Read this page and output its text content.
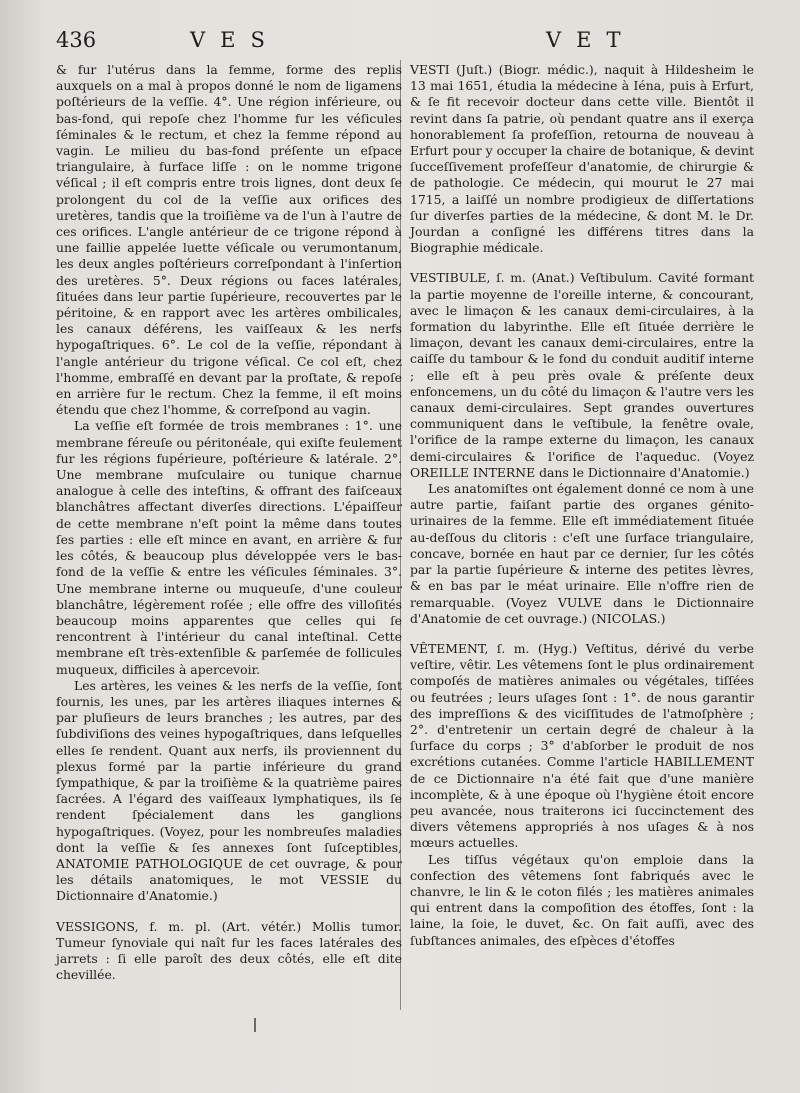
436	VES	VET

& fur l'utérus dans la femme, forme des replis auxquels on a mal à propos donné le nom de ligamens poſtérieurs de la veſſie. 4°. Une région inférieure, ou bas-fond, qui repoſe chez l'homme fur les véſicules ſéminales & le rectum, et chez la femme répond au vagin. Le milieu du bas-fond préſente un eſpace triangulaire, à furface liſſe : on le nomme trigone véſical ; il eſt compris entre trois lignes, dont deux ſe prolongent du col de la veſſie aux orifices des uretères, tandis que la troiſième va de l'un à l'autre de ces orifices. L'angle antérieur de ce trigone répond à une faillie appelée luette véſicale ou verumontanum, les deux angles poſtérieurs correſpondant à l'inſertion des uretères. 5°. Deux régions ou faces latérales, ſituées dans leur partie ſupérieure, recouvertes par le péritoine, & en rapport avec les artères ombilicales, les canaux déférens, les vaiſſeaux & les nerfs hypogaſtriques. 6°. Le col de la veſſie, répondant à l'angle antérieur du trigone véſical. Ce col eſt, chez l'homme, embraſſé en devant par la proſtate, & repoſe en arrière fur le rectum. Chez la femme, il eſt moins étendu que chez l'homme, & correſpond au vagin.

La veſſie eſt formée de trois membranes : 1°. une membrane féreuſe ou péritonéale, qui exiſte feulement fur les régions fupérieure, poſtérieure & latérale. 2°. Une membrane muſculaire ou tunique charnue analogue à celle des inteſtins, & offrant des faiſceaux blanchâtres affectant diverſes directions. L'épaiſſeur de cette membrane n'eſt point la même dans toutes ſes parties : elle eſt mince en avant, en arrière & fur les côtés, & beaucoup plus développée vers le bas-fond de la veſſie & entre les véſicules ſéminales. 3°. Une membrane interne ou muqueuſe, d'une couleur blanchâtre, légèrement roſée ; elle offre des villoſités beaucoup moins apparentes que celles qui ſe rencontrent à l'intérieur du canal inteſtinal. Cette membrane eſt très-extenſible & parſemée de follicules muqueux, difficiles à apercevoir.

Les artères, les veines & les nerfs de la veſſie, ſont fournis, les unes, par les artères iliaques internes & par pluſieurs de leurs branches ; les autres, par des ſubdiviſions des veines hypogaſtriques, dans leſquelles elles ſe rendent. Quant aux nerfs, ils proviennent du plexus formé par la partie inférieure du grand ſympathique, & par la troiſième & la quatrième paires ſacrées. A l'égard des vaiſſeaux lymphatiques, ils ſe rendent ſpécialement dans les ganglions hypogaſtriques. (Voyez, pour les nombreuſes maladies dont la veſſie & ſes annexes ſont ſuſceptibles, ANATOMIE PATHOLOGIQUE de cet ouvrage, & pour les détails anatomiques, le mot VESSIE du Dictionnaire d'Anatomie.)

VESSIGONS, f. m. pl. (Art. vétér.) Mollis tumor. Tumeur ſynoviale qui naît fur les faces latérales des jarrets : ſi elle paroît des deux côtés, elle eſt dite chevillée.

VESTI (Juſt.) (Biogr. médic.), naquit à Hildesheim le 13 mai 1651, étudia la médecine à Iéna, puis à Erfurt, & ſe fit recevoir docteur dans cette ville. Bientôt il revint dans ſa patrie, où pendant quatre ans il exerça honorablement ſa profeſſion, retourna de nouveau à Erfurt pour y occuper la chaire de botanique, & devint ſucceſſivement profeſſeur d'anatomie, de chirurgie & de pathologie. Ce médecin, qui mourut le 27 mai 1715, a laiſſé un nombre prodigieux de diſſertations ſur diverſes parties de la médecine, & dont M. le Dr. Jourdan a conſigné les différens titres dans la Biographie médicale.

VESTIBULE, ſ. m. (Anat.) Veſtibulum. Cavité formant la partie moyenne de l'oreille interne, & concourant, avec le limaçon & les canaux demi-circulaires, à la formation du labyrinthe. Elle eſt ſituée derrière le limaçon, devant les canaux demi-circulaires, entre la caiſſe du tambour & le fond du conduit auditif interne ; elle eſt à peu près ovale & préſente deux enfoncemens, un du côté du limaçon & l'autre vers les canaux demi-circulaires. Sept grandes ouvertures communiquent dans le veſtibule, la fenêtre ovale, l'orifice de la rampe externe du limaçon, les canaux demi-circulaires & l'orifice de l'aqueduc. (Voyez OREILLE INTERNE dans le Dictionnaire d'Anatomie.)

Les anatomiſtes ont également donné ce nom à une autre partie, faiſant partie des organes génito-urinaires de la femme. Elle eſt immédiatement ſituée au-deſſous du clitoris : c'eſt une ſurface triangulaire, concave, bornée en haut par ce dernier, ſur les côtés par la partie ſupérieure & interne des petites lèvres, & en bas par le méat urinaire. Elle n'offre rien de remarquable. (Voyez VULVE dans le Dictionnaire d'Anatomie de cet ouvrage.) (NICOLAS.)

VÊTEMENT, ſ. m. (Hyg.) Veſtitus, dérivé du verbe veſtire, vêtir. Les vêtemens ſont le plus ordinairement compoſés de matières animales ou végétales, tiſſées ou feutrées ; leurs uſages ſont : 1°. de nous garantir des impreſſions & des viciſſitudes de l'atmoſphère ; 2°. d'entretenir un certain degré de chaleur à la ſurface du corps ; 3° d'abſorber le produit de nos excrétions cutanées. Comme l'article HABILLEMENT de ce Dictionnaire n'a été fait que d'une manière incomplète, & à une époque où l'hygiène étoit encore peu avancée, nous traiterons ici ſuccinctement des divers vêtemens appropriés à nos uſages & à nos mœurs actuelles.

Les tiſſus végétaux qu'on emploie dans la confection des vêtemens ſont fabriqués avec le chanvre, le lin & le coton filés ; les matières animales qui entrent dans la compoſition des étoffes, ſont : la laine, la ſoie, le duvet, &c. On fait auſſi, avec des ſubſtances animales, des eſpèces d'étoffes
